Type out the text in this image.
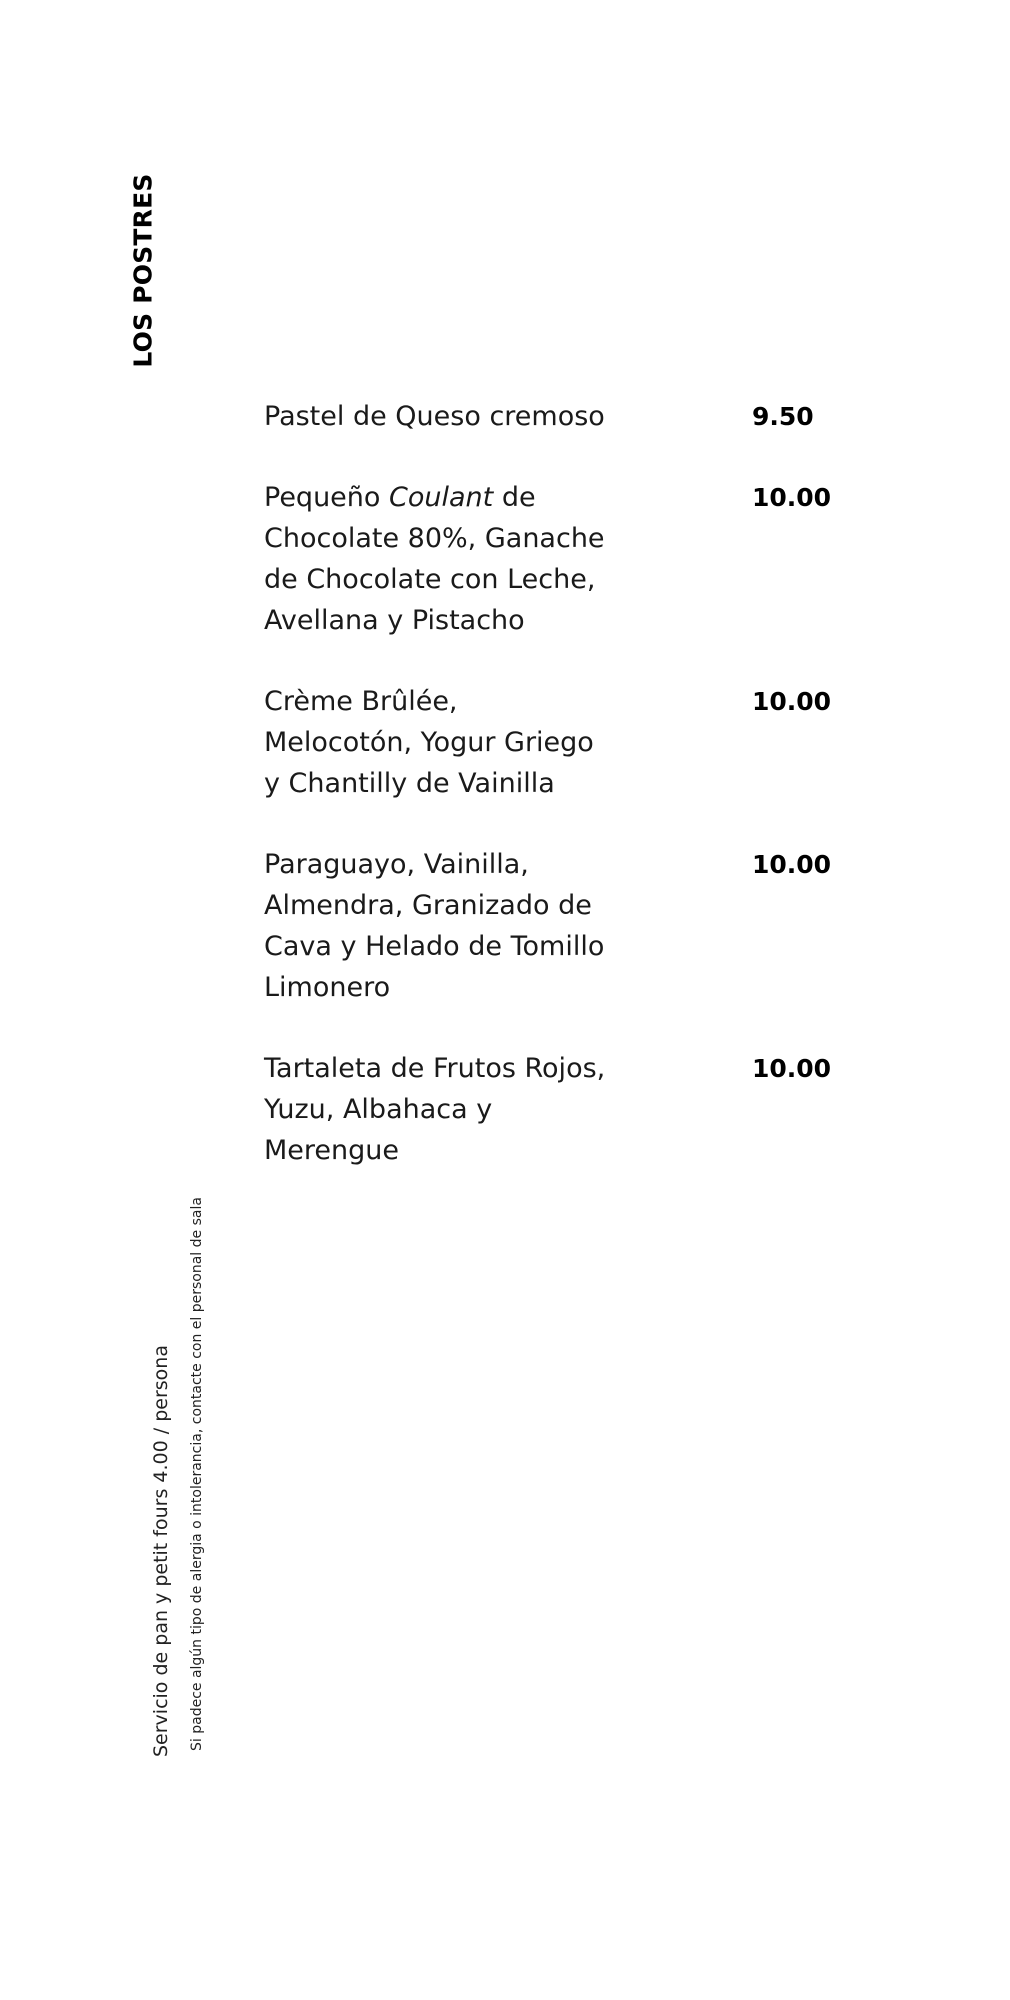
LOS POSTRES
Pastel de Queso cremoso	9.50
Pequeño Coulant de Chocolate 80%, Ganache de Chocolate con Leche, Avellana y Pistacho
10.00
Crème Brûlée, Melocotón, Yogur Griego y Chantilly de Vainilla
10.00
Paraguayo, Vainilla, Almendra, Granizado de Cava y Helado de Tomillo Limonero
10.00
Tartaleta de Frutos Rojos, Yuzu, Albahaca y Merengue
10.00
Servicio de pan y petit fours 4.00 / persona Si padece algún tipo de alergia o intolerancia, contacte con el personal de sala
